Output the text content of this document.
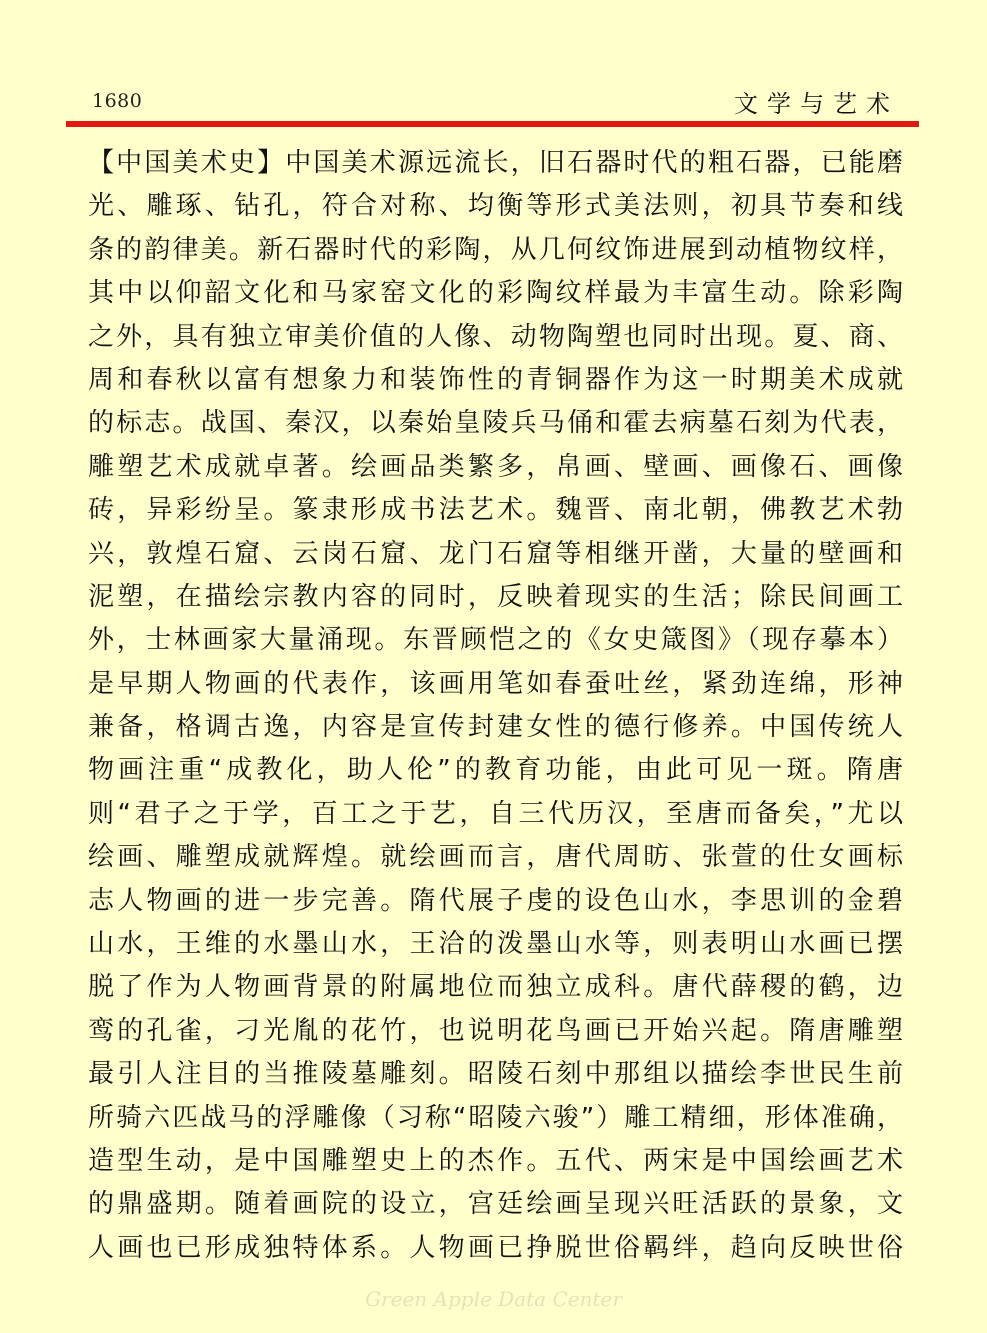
1680	文学与艺术
【中国美术史】中国美术源远流长，旧石器时代的粗石器，已能磨
光、雕琢、钻孔，符合对称、均衡等形式美法则，初具节奏和线
条的韵律美。新石器时代的彩陶，从几何纹饰进展到动植物纹样，
其中以仰韶文化和马家窑文化的彩陶纹样最为丰富生动。除彩陶
之外，具有独立审美价值的人像、动物陶塑也同时出现。夏、商、
周和春秋以富有想象力和装饰性的青铜器作为这一时期美术成就
的标志。战国、秦汉，以秦始皇陵兵马俑和霍去病墓石刻为代表，
雕塑艺术成就卓著。绘画品类繁多，帛画、壁画、画像石、画像
砖，异彩纷呈。篆隶形成书法艺术。魏晋、南北朝，佛教艺术勃
兴，敦煌石窟、云岗石窟、龙门石窟等相继开凿，大量的壁画和
泥塑，在描绘宗教内容的同时，反映着现实的生活；除民间画工
外，士林画家大量涌现。东晋顾恺之的《女史箴图》（现存摹本）
是早期人物画的代表作，该画用笔如春蚕吐丝，紧劲连绵，形神
兼备，格调古逸，内容是宣传封建女性的德行修养。中国传统人
物画注重“成教化，助人伦”的教育功能，由此可见一斑。隋唐
则“君子之于学，百工之于艺，自三代历汉，至唐而备矣，”尤以
绘画、雕塑成就辉煌。就绘画而言，唐代周昉、张萱的仕女画标
志人物画的进一步完善。隋代展子虔的设色山水，李思训的金碧
山水，王维的水墨山水，王洽的泼墨山水等，则表明山水画已摆
脱了作为人物画背景的附属地位而独立成科。唐代薛稷的鹤，边
鸾的孔雀，刁光胤的花竹，也说明花鸟画已开始兴起。隋唐雕塑
最引人注目的当推陵墓雕刻。昭陵石刻中那组以描绘李世民生前
所骑六匹战马的浮雕像（习称“昭陵六骏”）雕工精细，形体准确，
造型生动，是中国雕塑史上的杰作。五代、两宋是中国绘画艺术
的鼎盛期。随着画院的设立，宫廷绘画呈现兴旺活跃的景象，文
人画也已形成独特体系。人物画已挣脱世俗羁绊，趋向反映世俗
Green Apple Data Center
